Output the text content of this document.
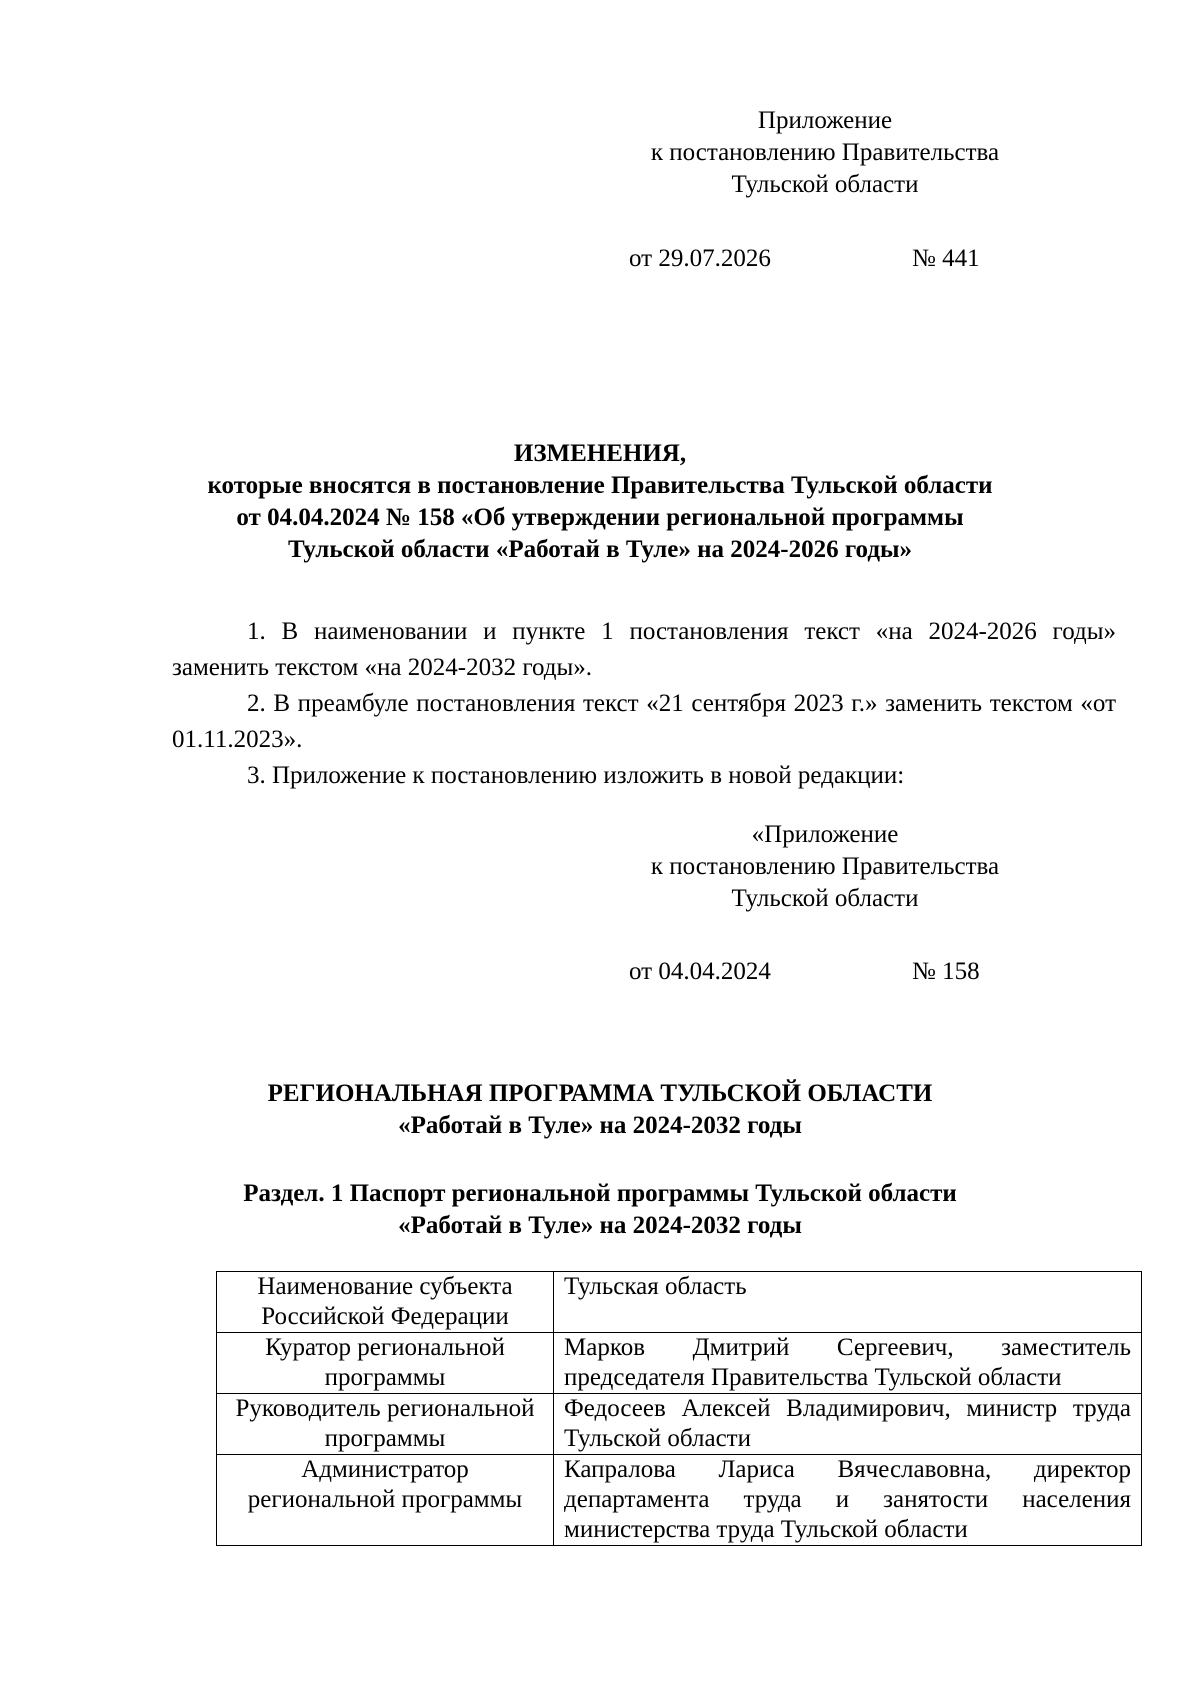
Приложение
к постановлению Правительства
Тульской области
от 29.07.2026	№ 441
ИЗМЕНЕНИЯ,
которые вносятся в постановление Правительства Тульской области
от 04.04.2024 № 158 «Об утверждении региональной программы
Тульской области «Работай в Туле» на 2024-2026 годы»

1. В наименовании и пункте 1 постановления текст «на 2024-2026 годы» заменить текстом «на 2024-2032 годы».

2. В преамбуле постановления текст «21 сентября 2023 г.» заменить текстом «от 01.11.2023».

3. Приложение к постановлению изложить в новой редакции:

«Приложение
к постановлению Правительства
Тульской области
от 04.04.2024	№ 158
РЕГИОНАЛЬНАЯ ПРОГРАММА ТУЛЬСКОЙ ОБЛАСТИ
«Работай в Туле» на 2024-2032 годы
Раздел. 1 Паспорт региональной программы Тульской области
«Работай в Туле» на 2024-2032 годы
Наименование субъекта Российской Федерации	Тульская область
Куратор региональной программы	Марков Дмитрий Сергеевич, заместитель председателя Правительства Тульской области
Руководитель региональной программы	Федосеев Алексей Владимирович, министр труда Тульской области
Администратор региональной программы	Капралова Лариса Вячеславовна, директор департамента труда и занятости населения министерства труда Тульской области
